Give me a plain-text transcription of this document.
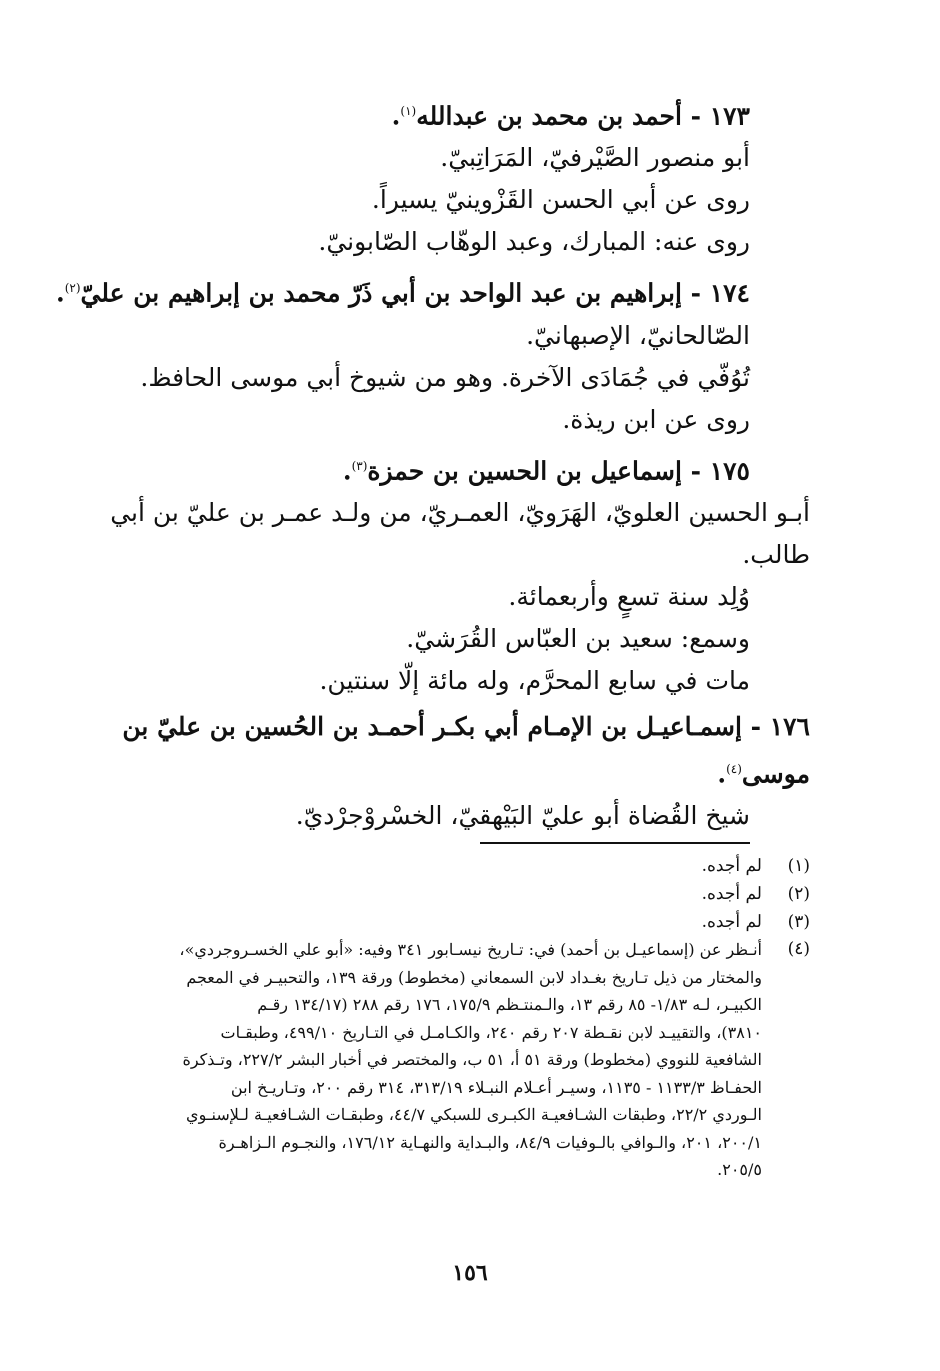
١٧٣ - أحمد بن محمد بن عبدالله$^{(١)}$.
أبو منصور الصَّيْرفيّ، المَرَاتِبيّ.
روى عن أبي الحسن القَزْوينيّ يسيراً.
روى عنه: المبارك، وعبد الوهّاب الصّابونيّ.
١٧٤ - إبراهيم بن عبد الواحد بن أبي ذَرّ محمد بن إبراهيم بن عليّ$^{(٢)}$.
الصّالحانيّ، الإصبهانيّ.
تُوُفّي في جُمَادَى الآخرة. وهو من شيوخ أبي موسى الحافظ.
روى عن ابن ريذة.
١٧٥ - إسماعيل بن الحسين بن حمزة$^{(٣)}$.
أبـو الحسين العلويّ، الهَرَويّ، العمـريّ، من ولـد عمـر بن عليّ بن أبي
طالب.
وُلِد سنة تسعٍ وأربعمائة.
وسمع: سعيد بن العبّاس القُرَشيّ.
مات في سابع المحرَّم، وله مائة إلّا سنتين.
١٧٦ - إسمـاعيـل بن الإمـام أبي بكـر أحمـد بن الحُسين بن عليّ بن
موسى$^{(٤)}$.
شيخ القُضاة أبو عليّ البَيْهقيّ، الخسْروْجرْديّ.
(١)لم أجده.
(٢)لم أجده.
(٣)لم أجده.
(٤)
أنـظر عن (إسماعيـل بن أحمد) في: تـاريخ نيسـابور ٣٤١ وفيه: «أبو علي الخسـروجردي»،
والمختار من ذيل تـاريخ بغـداد لابن السمعاني (مخطوط) ورقة ١٣٩، والتحبيـر في المعجم
الكبيـر، لـه ١/٨٣- ٨٥ رقم ١٣، والـمنتـظم ١٧٥/٩، ١٧٦ رقم ٢٨٨ (١٣٤/١٧ رقـم
٣٨١٠)، والتقييـد لابن نقـطة ٢٠٧ رقم ٢٤٠، والكـامـل في التـاريخ ٤٩٩/١٠، وطبقـات
الشافعية للنووي (مخطوط) ورقة ٥١ أ، ٥١ ب، والمختصر في أخبار البشر ٢٢٧/٢، وتـذكرة
الحفـاظ ١١٣٣/٣ - ١١٣٥، وسيـر أعـلام النبـلاء ٣١٣/١٩، ٣١٤ رقم ٢٠٠، وتـاريـخ ابن
الـوردي ٢٢/٢، وطبقات الشـافعيـة الكبـرى للسبكي ٤٤/٧، وطبقـات الشـافعيـة لـلإسنـوي
٢٠٠/١، ٢٠١، والـوافي بالـوفيات ٨٤/٩، والبـداية والنهـاية ١٧٦/١٢، والنجـوم الـزاهـرة
٢٠٥/٥.
١٥٦
